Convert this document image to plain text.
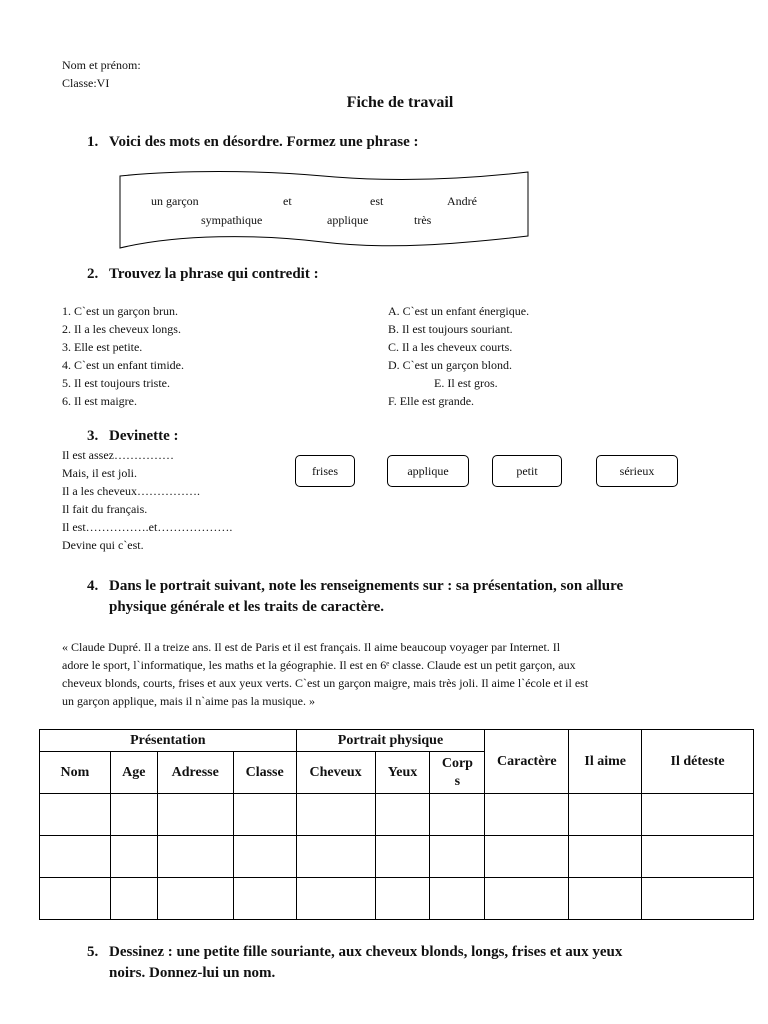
Nom et prénom:
Classe:VI
Fiche de travail
1. Voici des mots en désordre. Formez une phrase :
un garçon	et	est	André
sympathique	applique	très
2. Trouvez la phrase qui contredit :
1. C`est un garçon brun.
2. Il a les cheveux longs.
3. Elle est petite.
4. C`est un enfant timide.
5. Il est toujours triste.
6. Il est maigre.
A. C`est un enfant énergique.
B. Il est toujours souriant.
C. Il a les cheveux courts.
D. C`est un garçon blond.
E. Il est gros.
F. Elle est grande.
3. Devinette :
Il est assez……………
Mais, il est joli.
Il a les cheveux…………….
Il fait du français.
Il est…………….et……………….
Devine qui c`est.
frises	applique	petit	sérieux
4. Dans le portrait suivant, note les renseignements sur : sa présentation, son allure
physique générale et les traits de caractère.
« Claude Dupré. Il a treize ans. Il est de Paris et il est français. Il aime beaucoup voyager par Internet. Il
adore le sport, l`informatique, les maths et la géographie. Il est en 6ᵉ classe. Claude est un petit garçon, aux
cheveux blonds, courts, frises et aux yeux verts. C`est un garçon maigre, mais très joli. Il aime l`école et il est
un garçon applique, mais il n`aime pas la musique. »
Présentation				Portrait physique			Caractère	Il aime	Il déteste
Nom	Age	Adresse	Classe	Cheveux	Yeux	Corp
s			

5. Dessinez : une petite fille souriante, aux cheveux blonds, longs, frises et aux yeux
noirs. Donnez-lui un nom.
